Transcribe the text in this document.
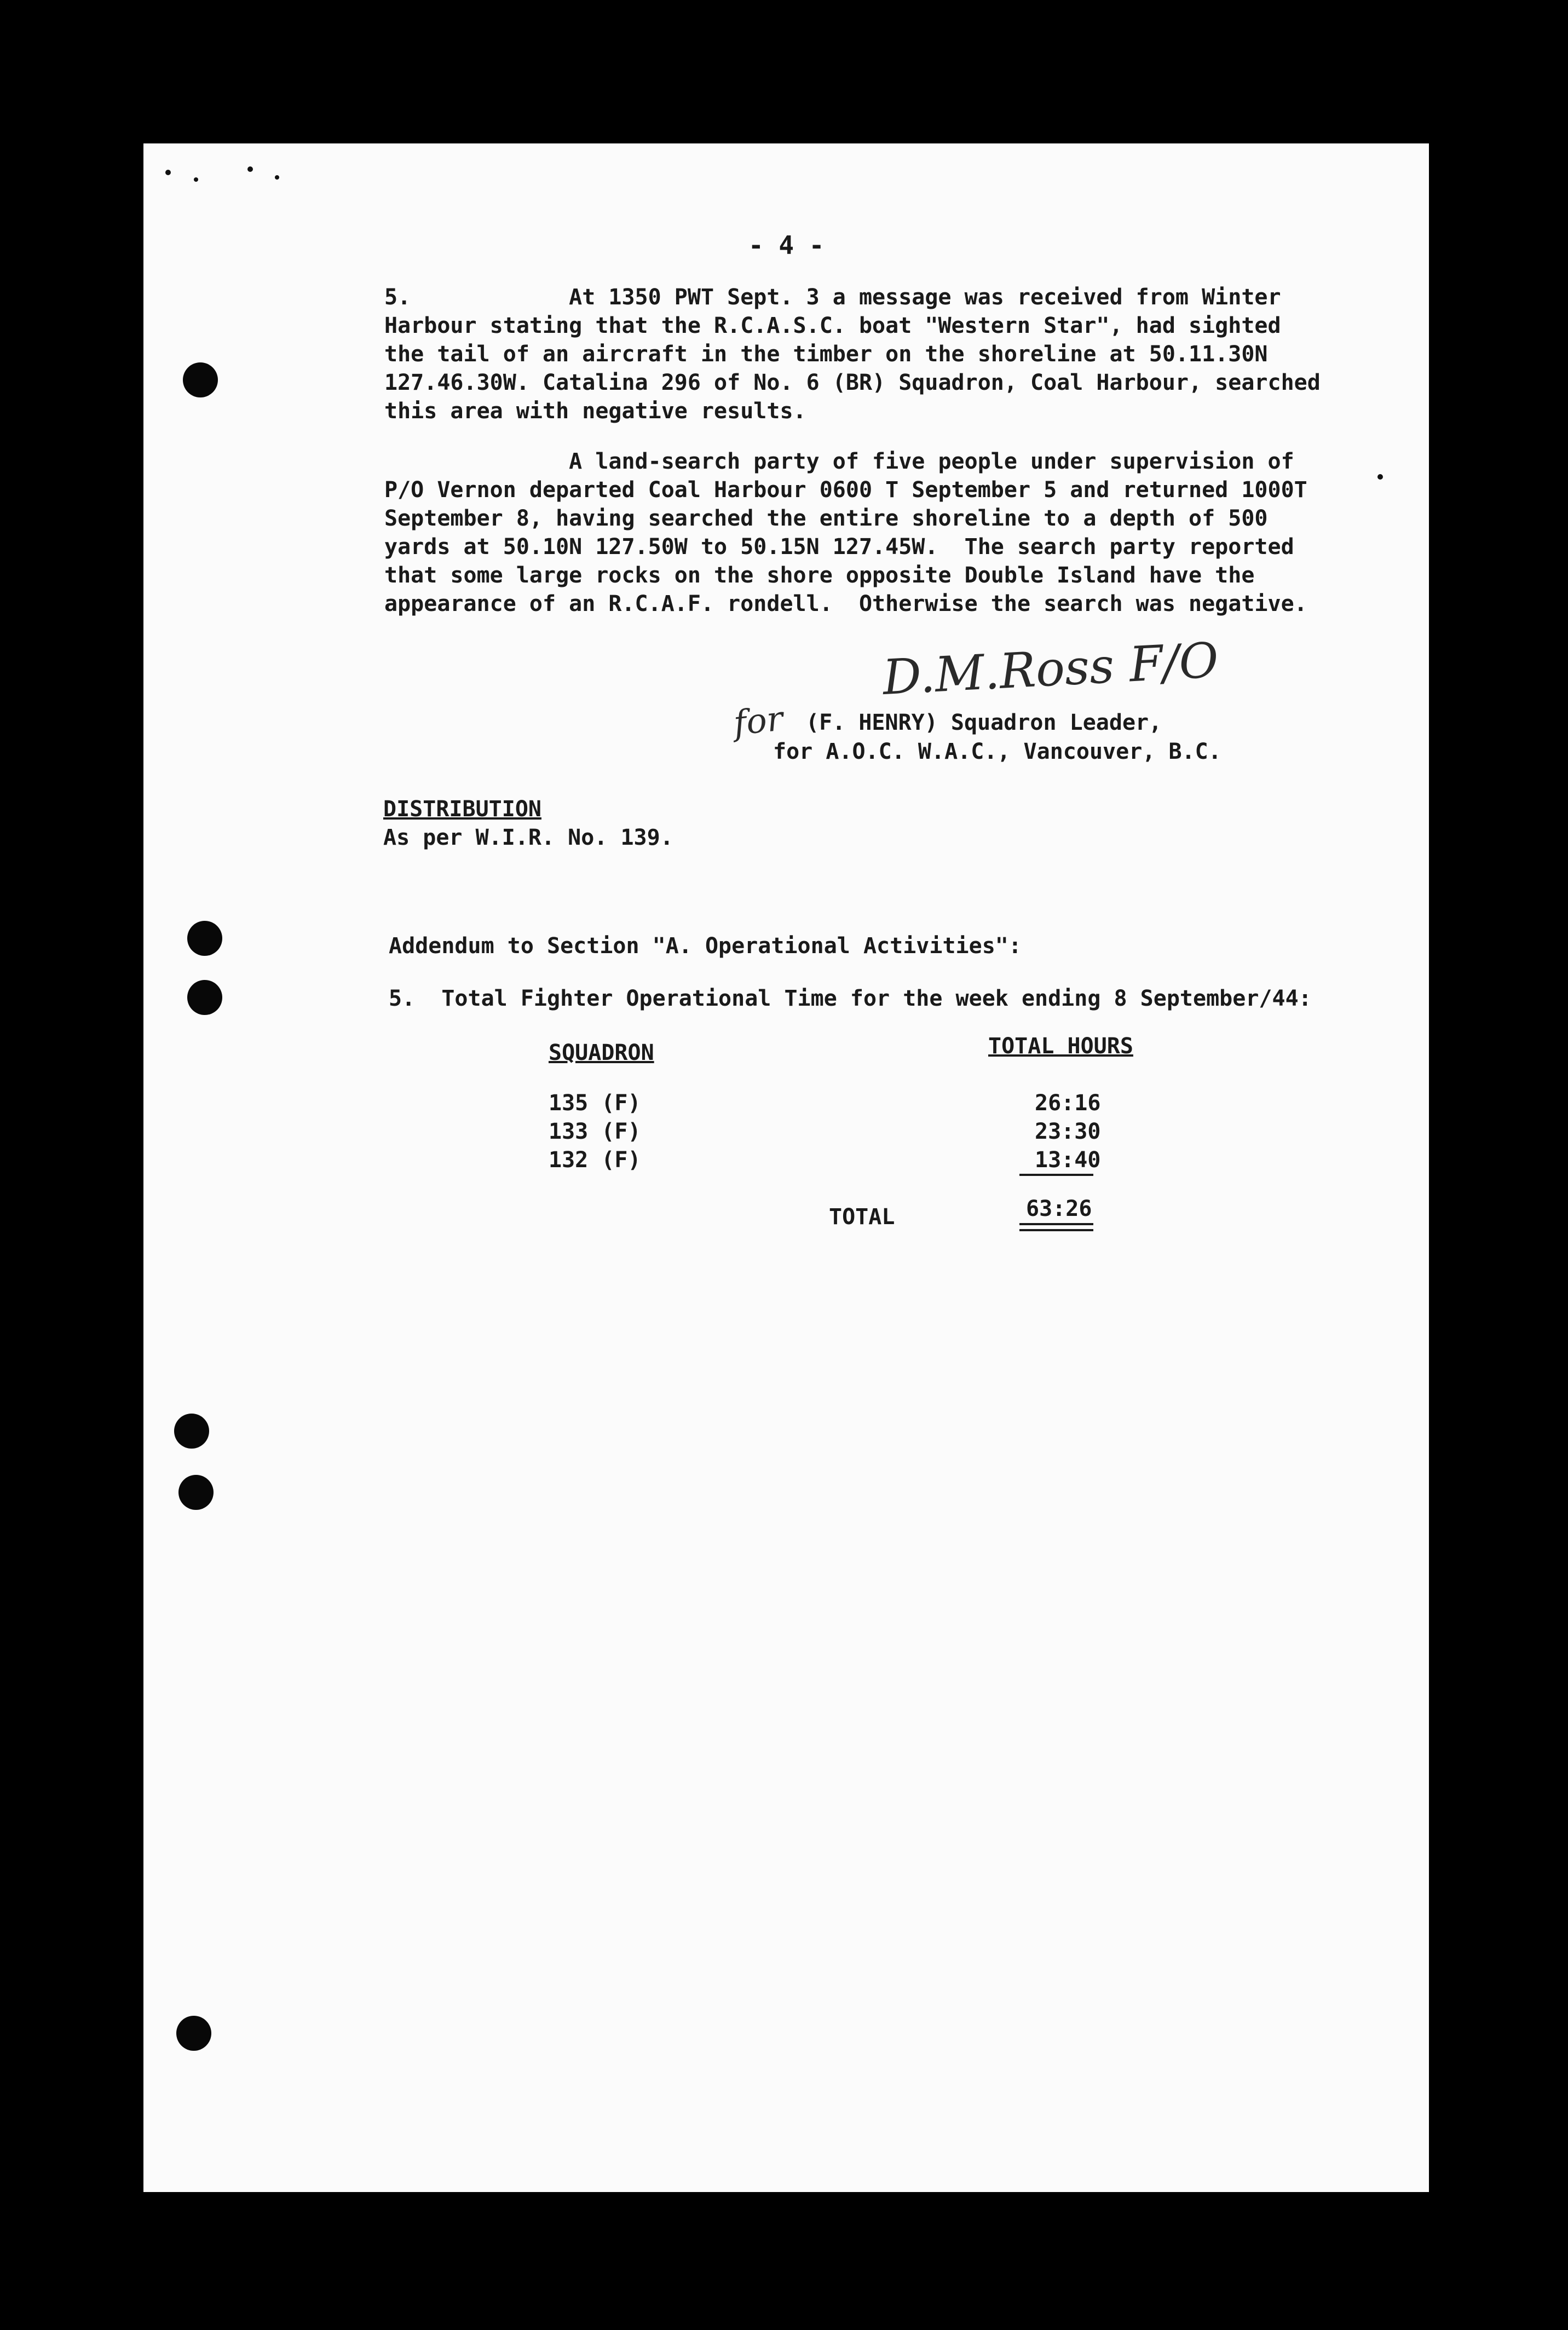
- 4 -
5.            At 1350 PWT Sept. 3 a message was received from Winter
Harbour stating that the R.C.A.S.C. boat "Western Star", had sighted
the tail of an aircraft in the timber on the shoreline at 50.11.30N
127.46.30W. Catalina 296 of No. 6 (BR) Squadron, Coal Harbour, searched
this area with negative results.
A land-search party of five people under supervision of
P/O Vernon departed Coal Harbour 0600 T September 5 and returned 1000T
September 8, having searched the entire shoreline to a depth of 500
yards at 50.10N 127.50W to 50.15N 127.45W.  The search party reported
that some large rocks on the shore opposite Double Island have the
appearance of an R.C.A.F. rondell.  Otherwise the search was negative.
D.M.Ross F/O
for (F. HENRY) Squadron Leader,
for A.O.C. W.A.C., Vancouver, B.C.
DISTRIBUTION
As per W.I.R. No. 139.
Addendum to Section "A. Operational Activities":
5.  Total Fighter Operational Time for the week ending 8 September/44:
SQUADRON	TOTAL HOURS
135 (F)	26:16
133 (F)	23:30
132 (F)	13:40
TOTAL	63:26
